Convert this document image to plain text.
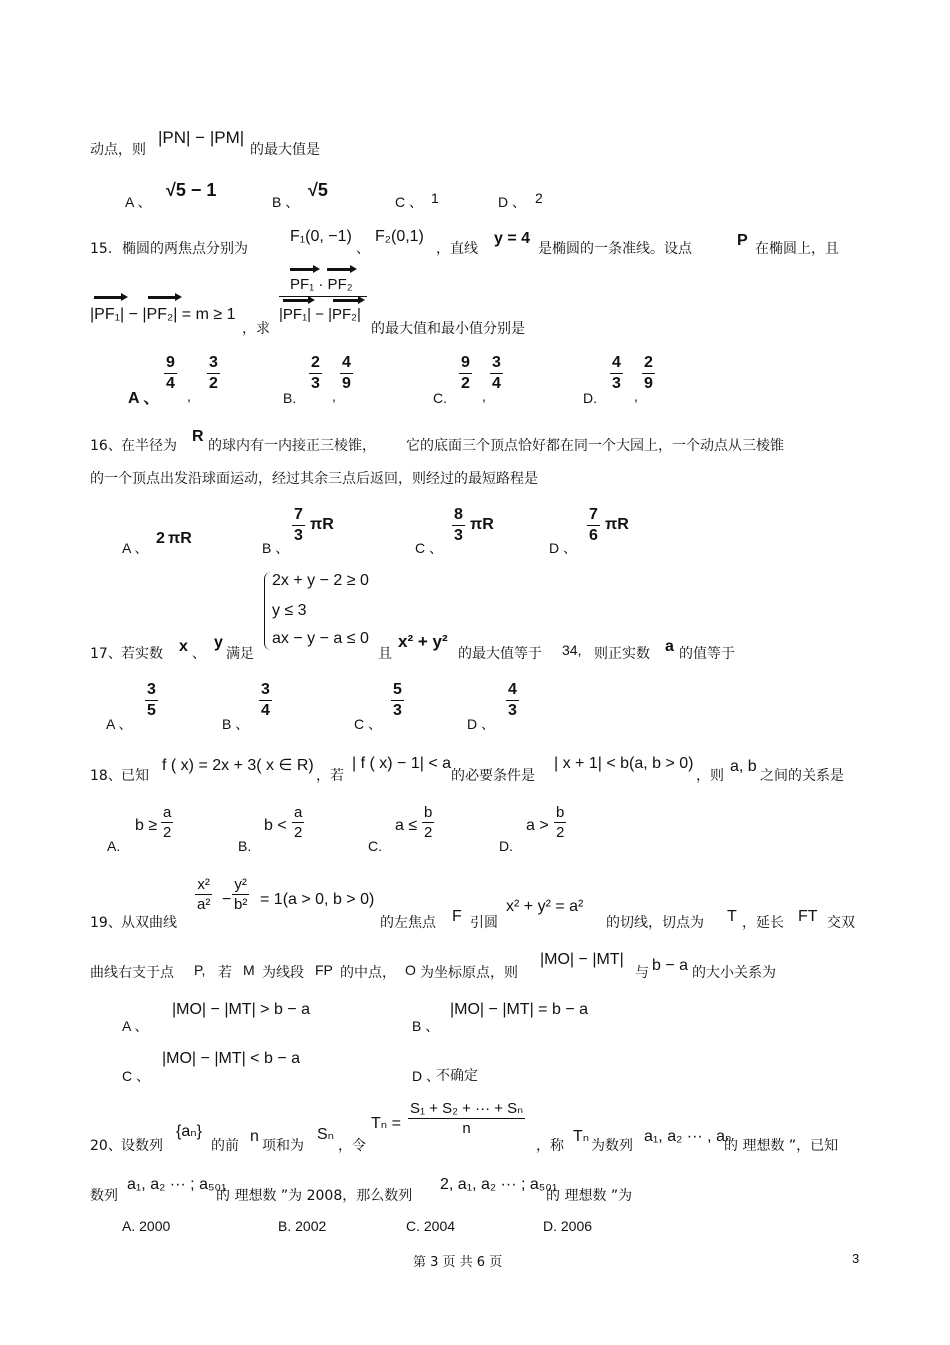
动点，则
|PN| − |PM|
的最大值是
A 、
√5 − 1
B 、
√5
C 、 1	D 、 2
15． 椭圆的两焦点分别为
F₁(0, −1)
、
F₂(0,1)
，直线
y = 4
是椭圆的一条准线。设点	P 在椭圆上，且
PF₁ · PF₂
|PF₁| − |PF₂| = m ≥ 1
，求
|PF₁| − |PF₂|
的最大值和最小值分别是
A 、
$\frac{9}{4}$
,
$\frac{3}{2}$
B.
$\frac{2}{3}$
,
$\frac{4}{9}$
C.
$\frac{9}{2}$
,
$\frac{3}{4}$
D.
$\frac{4}{3}$
,
$\frac{2}{9}$
16、 在半径为
R
的球内有一内接正三棱锥， 它的底面三个顶点恰好都在同一个大园上，一个动点从三棱锥
的一个顶点出发沿球面运动，经过其余三点后返回，则经过的最短路程是
A 、
2 πR
B 、
$\frac{7}{3}$ πR
C 、
$\frac{8}{3}$ πR
D 、
$\frac{7}{6}$ πR
2x + y − 2 ≥ 0
y ≤ 3
ax − y − a ≤ 0
17、 若实数 x 、
y
满足	且
x² + y²
的最大值等于 34, 则正实数 a 的值等于
A 、
$\frac{3}{5}$
B 、
$\frac{3}{4}$
C 、
$\frac{5}{3}$
D 、
$\frac{4}{3}$
18、 已知
f ( x) = 2x + 3( x ∈ R)
，若
| f ( x) − 1| < a
的必要条件是
| x + 1| < b(a, b > 0)
，则
a, b
之间的关系是
A.
$b \ge \frac{a}{2}$
B.
$b < \frac{a}{2}$
C.
$a \le \frac{b}{2}$
D.
$a > \frac{b}{2}$
19、 从双曲线
$\frac{\text{x²}}{\text{a²}} - \frac{\text{y²}}{\text{b²}} = 1(a > 0$, b > 0)
的左焦点 F 引圆
x² + y² = a²
的切线，切点为 T ，延长 FT 交双
曲线右支于点 P, 若 M 为线段 FP 的中点， O 为坐标原点，则
|MO| − |MT|
与 b − a 的大小关系为
A 、
|MO| − |MT| > b − a
B 、
|MO| − |MT| = b − a
C 、
|MO| − |MT| < b − a
D 、
不确定
20、 设数列
{aₙ}
的前
n
项和为
Sₙ
，令
$T_n = \frac{\text{S₁ + S₂ + ··· + Sₙ}}{n}$
，称
Tₙ
为数列
a₁, a₂ ··· , aₙ
的 理想数 ”，已知
数列
a₁, a₂ ··· ; a₅₀₁
的 理想数 ”为 2008，那么数列
2, a₁, a₂ ··· ; a₅₀₁
的 理想数 ”为
A. 2000	B. 2002	C. 2004	D. 2006
第 3 页 共 6 页	3
